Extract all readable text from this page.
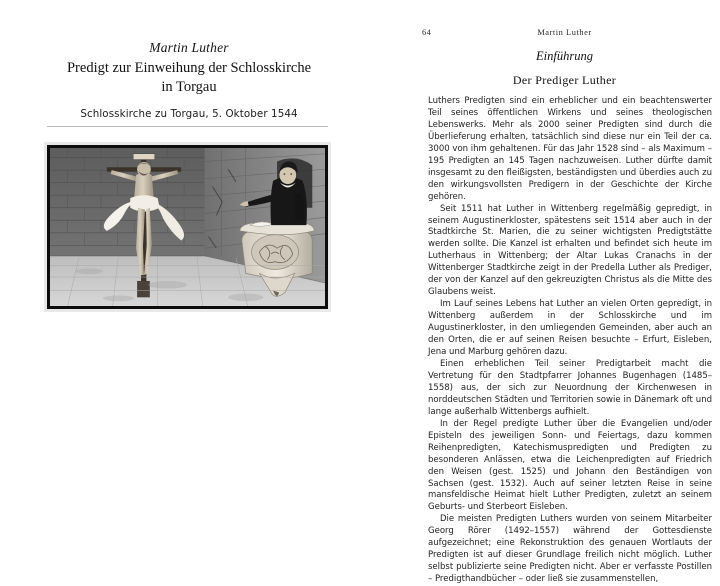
Martin Luther
Predigt zur Einweihung der Schlosskirche
in Torgau
Schlosskirche zu Torgau, 5. Oktober 1544
64	Martin Luther
Einführung
Der Prediger Luther

Luthers Predigten sind ein erheblicher und ein beachtenswerter Teil seines öffentlichen Wirkens und seines theologischen Lebenswerks. Mehr als 2000 seiner Predigten sind durch die Überlieferung erhalten, tatsächlich sind diese nur ein Teil der ca. 3000 von ihm gehaltenen. Für das Jahr 1528 sind – als Maximum – 195 Predigten an 145 Tagen nachzuweisen. Luther dürfte damit insgesamt zu den fleißigsten, beständigsten und überdies auch zu den wirkungsvollsten Predigern in der Geschichte der Kirche gehören.

Seit 1511 hat Luther in Wittenberg regelmäßig gepredigt, in seinem Augustinerkloster, spätestens seit 1514 aber auch in der Stadtkirche St. Marien, die zu seiner wichtigsten Predigtstätte werden sollte. Die Kanzel ist erhalten und befindet sich heute im Lutherhaus in Wittenberg; der Altar Lukas Cranachs in der Wittenberger Stadtkirche zeigt in der Predella Luther als Prediger, der von der Kanzel auf den gekreuzigten Christus als die Mitte des Glaubens weist.

Im Lauf seines Lebens hat Luther an vielen Orten gepredigt, in Wittenberg außerdem in der Schlosskirche und im Augustinerkloster, in den umliegenden Gemeinden, aber auch an den Orten, die er auf seinen Reisen besuchte – Erfurt, Eisleben, Jena und Marburg gehören dazu.

Einen erheblichen Teil seiner Predigtarbeit macht die Vertretung für den Stadtpfarrer Johannes Bugenhagen (1485–1558) aus, der sich zur Neuordnung der Kirchenwesen in norddeutschen Städten und Territorien sowie in Dänemark oft und lange außerhalb Wittenbergs aufhielt.

In der Regel predigte Luther über die Evangelien und/oder Episteln des jeweiligen Sonn- und Feiertags, dazu kommen Reihenpredigten, Katechismuspredigten und Predigten zu besonderen Anlässen, etwa die Leichenpredigten auf Friedrich den Weisen (gest. 1525) und Johann den Beständigen von Sachsen (gest. 1532). Auch auf seiner letzten Reise in seine mansfeldische Heimat hielt Luther Predigten, zuletzt an seinem Geburts- und Sterbeort Eisleben.

Die meisten Predigten Luthers wurden von seinem Mitarbeiter Georg Rörer (1492–1557) während der Gottesdienste aufgezeichnet; eine Rekonstruktion des genauen Wortlauts der Predigten ist auf dieser Grundlage freilich nicht möglich. Luther selbst publizierte seine Predigten nicht. Aber er verfasste Postillen – Predigthandbücher – oder ließ sie zusammenstellen,
